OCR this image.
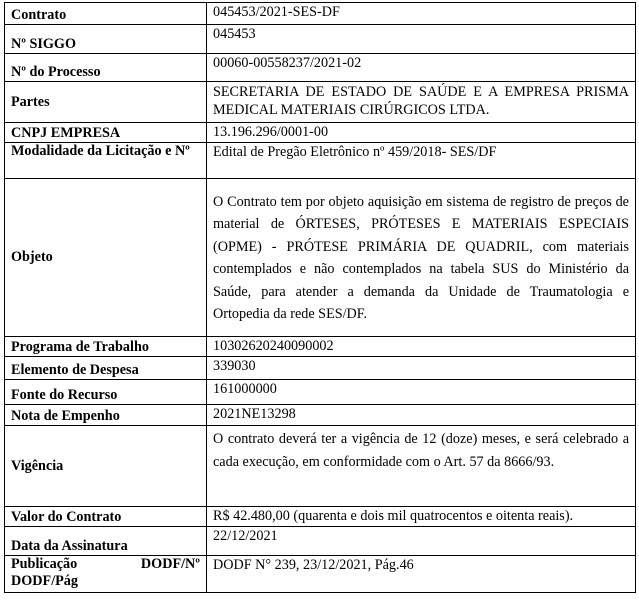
Contrato	045453/2021-SES-DF
Nº SIGGO	045453
Nº do Processo	00060-00558237/2021-02
Partes	SECRETARIA DE ESTADO DE SAÚDE E A EMPRESA PRISMA MEDICAL MATERIAIS CIRÚRGICOS LTDA.
CNPJ EMPRESA	13.196.296/0001-00
Modalidade da Licitação e Nº	Edital de Pregão Eletrônico nº 459/2018- SES/DF
Objeto	O Contrato tem por objeto aquisição em sistema de registro de preços de material de ÓRTESES, PRÓTESES E MATERIAIS ESPECIAIS (OPME) - PRÓTESE PRIMÁRIA DE QUADRIL, com materiais contemplados e não contemplados na tabela SUS do Ministério da Saúde, para atender a demanda da Unidade de Traumatologia e Ortopedia da rede SES/DF.
Programa de Trabalho	10302620240090002
Elemento de Despesa	339030
Fonte do Recurso	161000000
Nota de Empenho	2021NE13298
Vigência	O contrato deverá ter a vigência de 12 (doze) meses, e será celebrado a cada execução, em conformidade com o Art. 57 da 8666/93.
Valor do Contrato	R$ 42.480,00 (quarenta e dois mil quatrocentos e oitenta reais).
Data da Assinatura	22/12/2021

Publicação DODF/Nº
DODF/Pág	DODF N° 239, 23/12/2021, Pág.46
